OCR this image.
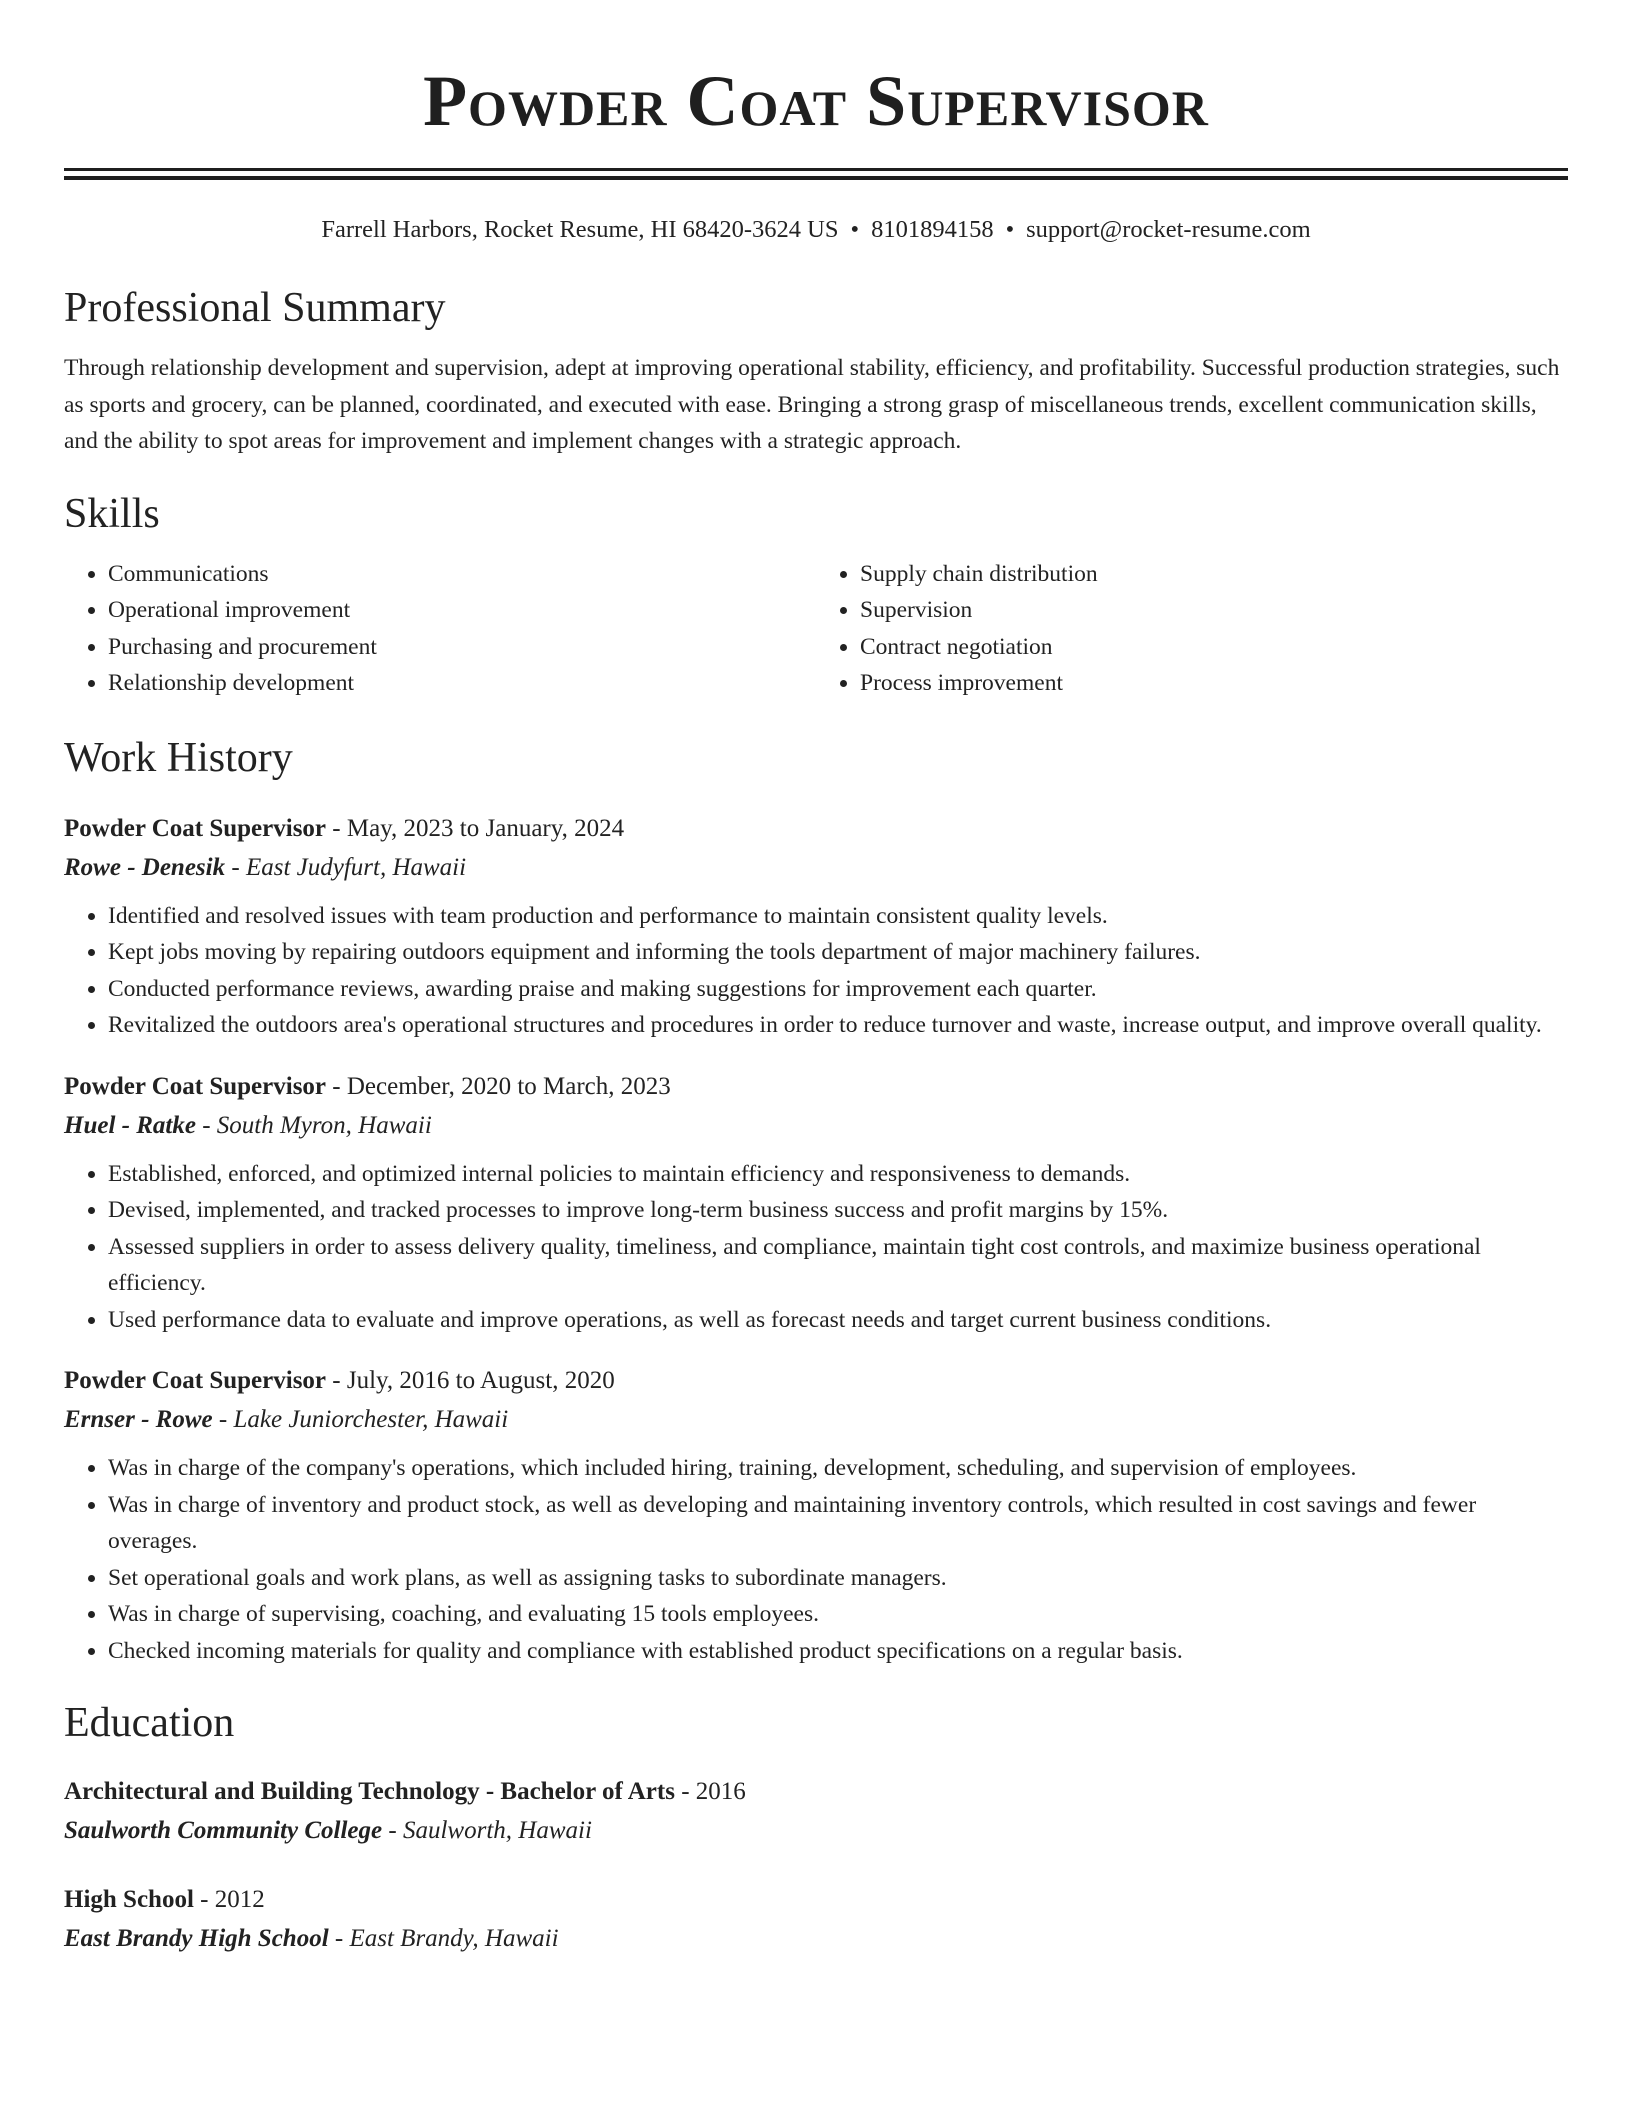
Powder Coat Supervisor
Farrell Harbors, Rocket Resume, HI 68420-3624 US • 8101894158 • support@rocket-resume.com
Professional Summary
Through relationship development and supervision, adept at improving operational stability, efficiency, and profitability. Successful production strategies, such as sports and grocery, can be planned, coordinated, and executed with ease. Bringing a strong grasp of miscellaneous trends, excellent communication skills, and the ability to spot areas for improvement and implement changes with a strategic approach.
Skills
• Communications
• Operational improvement
• Purchasing and procurement
• Relationship development
• Supply chain distribution
• Supervision
• Contract negotiation
• Process improvement
Work History
Powder Coat Supervisor - May, 2023 to January, 2024
Rowe - Denesik - East Judyfurt, Hawaii
• Identified and resolved issues with team production and performance to maintain consistent quality levels.
• Kept jobs moving by repairing outdoors equipment and informing the tools department of major machinery failures.
• Conducted performance reviews, awarding praise and making suggestions for improvement each quarter.
• Revitalized the outdoors area's operational structures and procedures in order to reduce turnover and waste, increase output, and improve overall quality.
Powder Coat Supervisor - December, 2020 to March, 2023
Huel - Ratke - South Myron, Hawaii
• Established, enforced, and optimized internal policies to maintain efficiency and responsiveness to demands.
• Devised, implemented, and tracked processes to improve long-term business success and profit margins by 15%.
• Assessed suppliers in order to assess delivery quality, timeliness, and compliance, maintain tight cost controls, and maximize business operational efficiency.
• Used performance data to evaluate and improve operations, as well as forecast needs and target current business conditions.
Powder Coat Supervisor - July, 2016 to August, 2020
Ernser - Rowe - Lake Juniorchester, Hawaii
• Was in charge of the company's operations, which included hiring, training, development, scheduling, and supervision of employees.
• Was in charge of inventory and product stock, as well as developing and maintaining inventory controls, which resulted in cost savings and fewer overages.
• Set operational goals and work plans, as well as assigning tasks to subordinate managers.
• Was in charge of supervising, coaching, and evaluating 15 tools employees.
• Checked incoming materials for quality and compliance with established product specifications on a regular basis.
Education
Architectural and Building Technology - Bachelor of Arts - 2016
Saulworth Community College - Saulworth, Hawaii
High School - 2012
East Brandy High School - East Brandy, Hawaii
